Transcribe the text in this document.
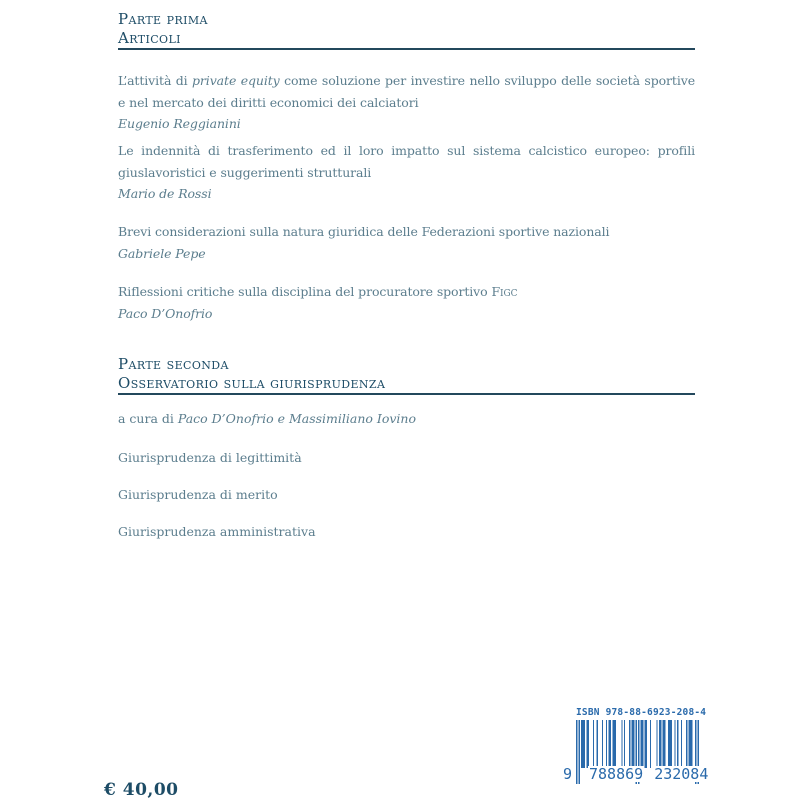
Parte prima
Articoli
L’attività di private equity come soluzione per investire nello sviluppo delle società sportive
e nel mercato dei diritti economici dei calciatori
Eugenio Reggianini
Le indennità di trasferimento ed il loro impatto sul sistema calcistico europeo: profili
giuslavoristici e suggerimenti strutturali
Mario de Rossi
Brevi considerazioni sulla natura giuridica delle Federazioni sportive nazionali
Gabriele Pepe
Riflessioni critiche sulla disciplina del procuratore sportivo Figc
Paco D’Onofrio
Parte seconda
Osservatorio sulla giurisprudenza
a cura di Paco D’Onofrio e Massimiliano Iovino
Giurisprudenza di legittimità
Giurisprudenza di merito
Giurisprudenza amministrativa
ISBN 978-88-6923-208-4
9	788869 232084
€ 40,00
